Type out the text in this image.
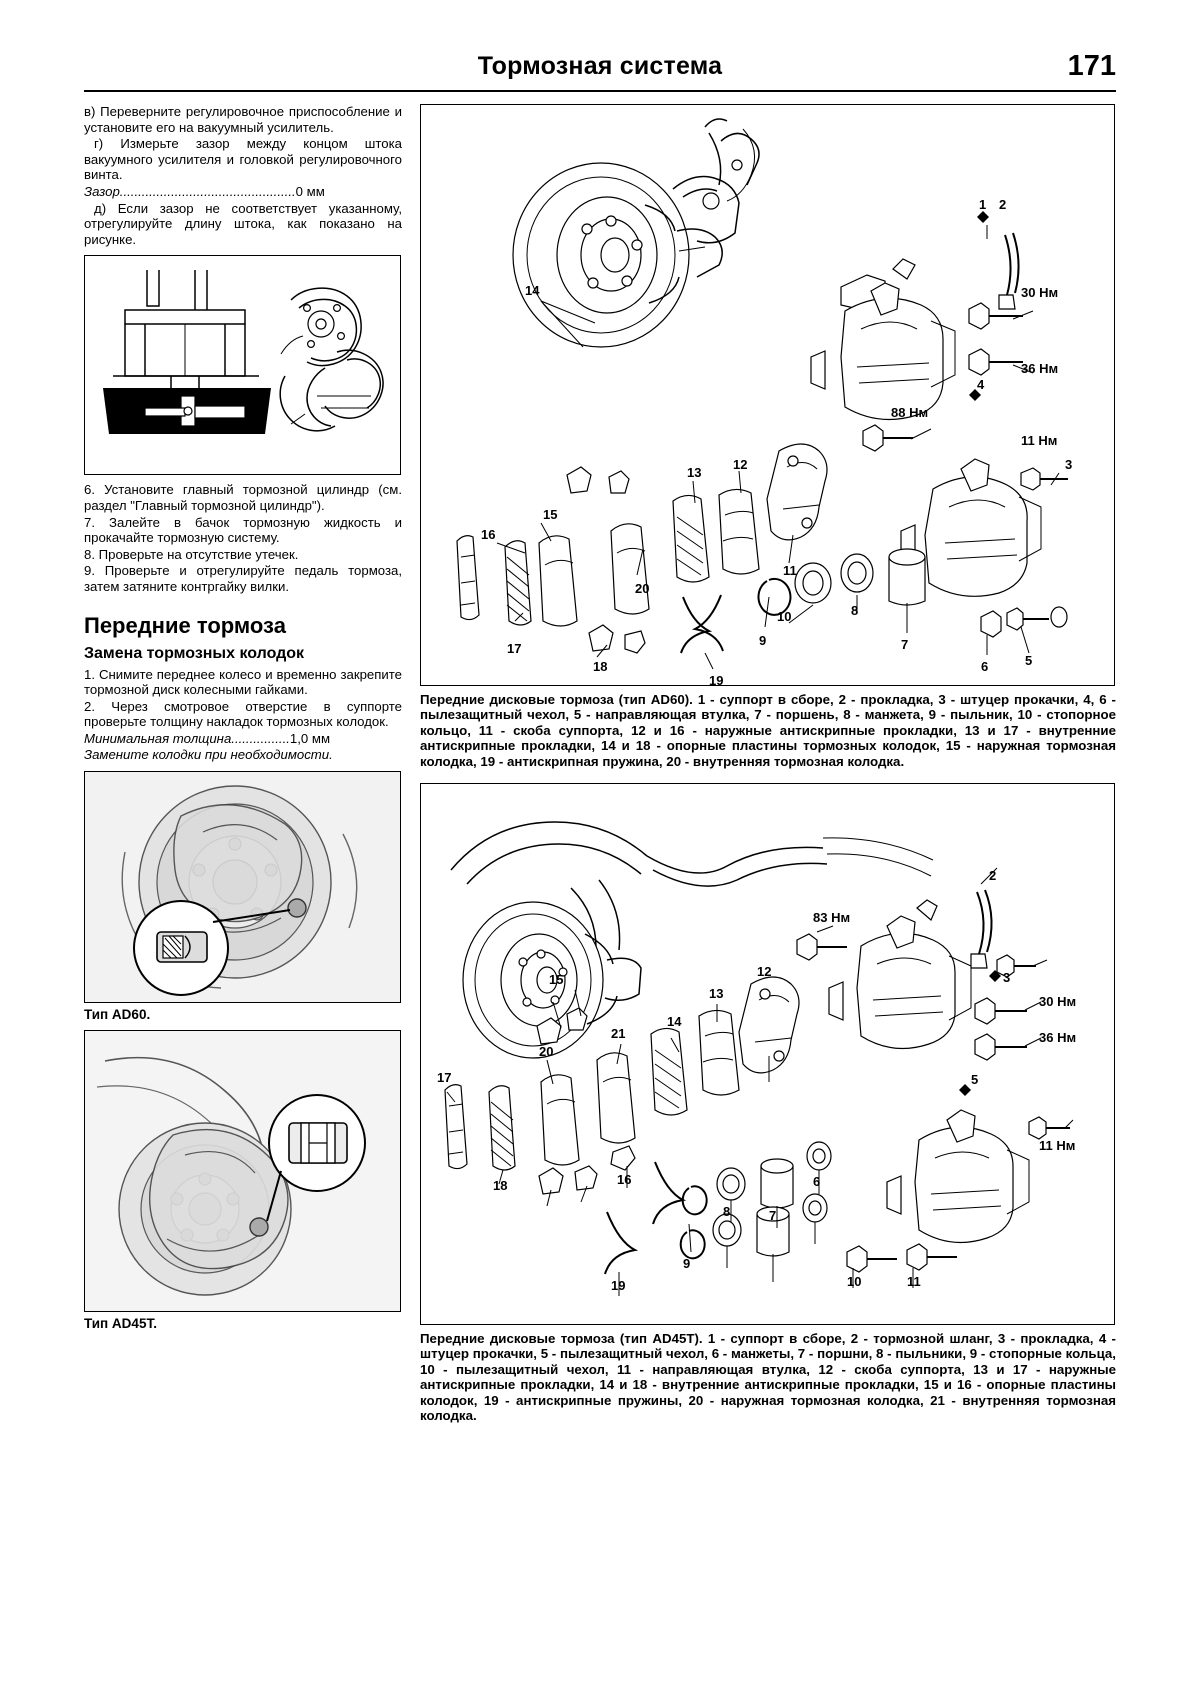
Тормозная система	171

в) Переверните регулировочное приспособление и установите его на вакуумный усилитель.

г) Измерьте зазор между концом штока вакуумного усилителя и головкой регулировочного винта.

Зазор................................................0 мм

д) Если зазор не соответствует указанному, отрегулируйте длину штока, как показано на рисунке.

6. Установите главный тормозной цилиндр (см. раздел "Главный тормозной цилиндр").

7. Залейте в бачок тормозную жидкость и прокачайте тормозную систему.

8. Проверьте на отсутствие утечек.

9. Проверьте и отрегулируйте педаль тормоза, затем затяните контргайку вилки.

Передние тормоза
Замена тормозных колодок

1. Снимите переднее колесо и временно закрепите тормозной диск колесными гайками.

2. Через смотровое отверстие в суппорте проверьте толщину накладок тормозных колодок.

Минимальная толщина................1,0 мм

Замените колодки при необходимости.

Тип AD60.
Тип AD45T.
14
16
17
15
20
13
12
11
18
19
9
10	8
7
6	5
1 2
4
3
30 Нм
36 Нм
88 Нм
11 Нм
Передние дисковые тормоза (тип AD60). 1 - суппорт в сборе, 2 - прокладка, 3 - штуцер прокачки, 4, 6 - пылезащитный чехол, 5 - направляющая втулка, 7 - поршень, 8 - манжета, 9 - пыльник, 10 - стопорное кольцо, 11 - скоба суппорта, 12 и 16 - наружные антискрипные прокладки, 13 и 17 - внутренние антискрипные прокладки, 14 и 18 - опорные пластины тормозных колодок, 15 - наружная тормозная колодка, 19 - антискрипная пружина, 20 - внутренняя тормозная колодка.
15
17
18
20
21
14
13
12
16
19
9
8	7
6
10	11
2
3
5
11 Нм
83 Нм
30 Нм
36 Нм
Передние дисковые тормоза (тип AD45T). 1 - суппорт в сборе, 2 - тормозной шланг, 3 - прокладка, 4 - штуцер прокачки, 5 - пылезащитный чехол, 6 - манжеты, 7 - поршни, 8 - пыльники, 9 - стопорные кольца, 10 - пылезащитный чехол, 11 - направляющая втулка, 12 - скоба суппорта, 13 и 17 - наружные антискрипные прокладки, 14 и 18 - внутренние антискрипные прокладки, 15 и 16 - опорные пластины колодок, 19 - антискрипные пружины, 20 - наружная тормозная колодка, 21 - внутренняя тормозная колодка.
